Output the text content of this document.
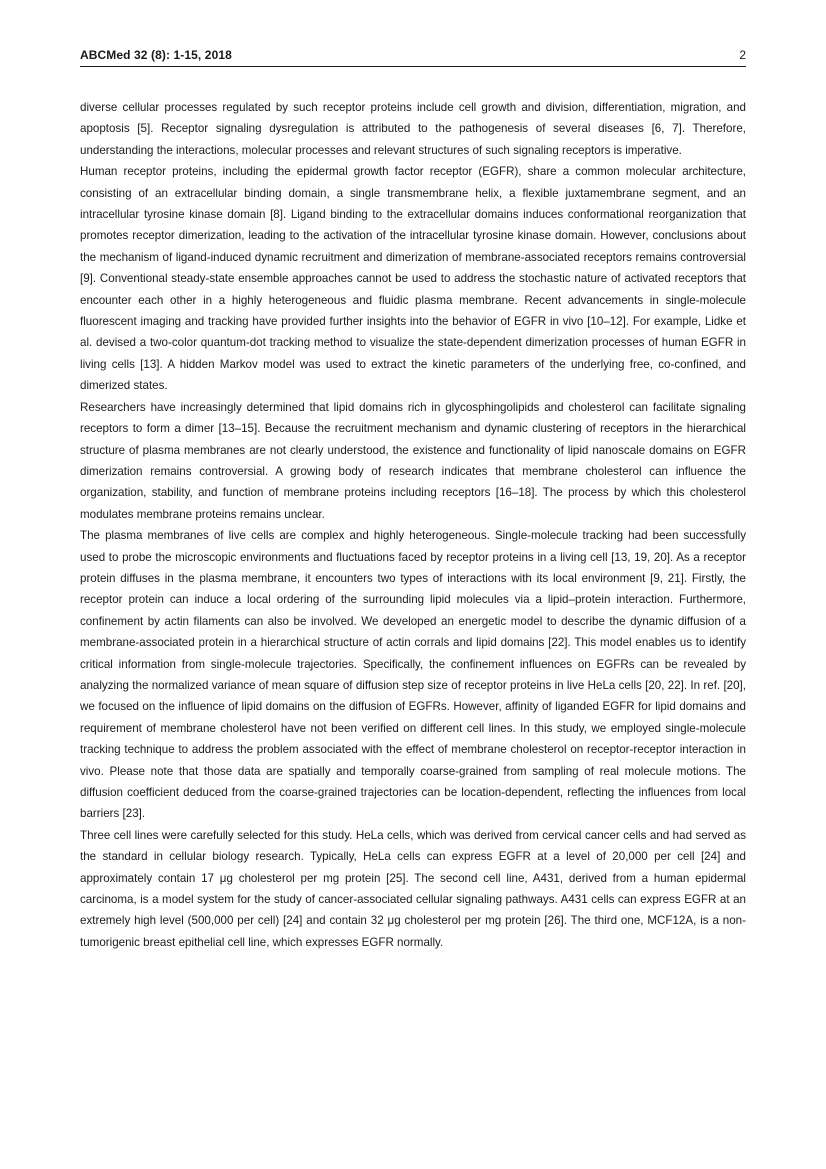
ABCMed 32 (8): 1-15, 2018	2

diverse cellular processes regulated by such receptor proteins include cell growth and division, differentiation, migration, and apoptosis [5]. Receptor signaling dysregulation is attributed to the pathogenesis of several diseases [6, 7]. Therefore, understanding the interactions, molecular processes and relevant structures of such signaling receptors is imperative.

Human receptor proteins, including the epidermal growth factor receptor (EGFR), share a common molecular architecture, consisting of an extracellular binding domain, a single transmembrane helix, a flexible juxtamembrane segment, and an intracellular tyrosine kinase domain [8]. Ligand binding to the extracellular domains induces conformational reorganization that promotes receptor dimerization, leading to the activation of the intracellular tyrosine kinase domain. However, conclusions about the mechanism of ligand-induced dynamic recruitment and dimerization of membrane-associated receptors remains controversial [9]. Conventional steady-state ensemble approaches cannot be used to address the stochastic nature of activated receptors that encounter each other in a highly heterogeneous and fluidic plasma membrane. Recent advancements in single-molecule fluorescent imaging and tracking have provided further insights into the behavior of EGFR in vivo [10–12]. For example, Lidke et al. devised a two-color quantum-dot tracking method to visualize the state-dependent dimerization processes of human EGFR in living cells [13]. A hidden Markov model was used to extract the kinetic parameters of the underlying free, co-confined, and dimerized states.

Researchers have increasingly determined that lipid domains rich in glycosphingolipids and cholesterol can facilitate signaling receptors to form a dimer [13–15]. Because the recruitment mechanism and dynamic clustering of receptors in the hierarchical structure of plasma membranes are not clearly understood, the existence and functionality of lipid nanoscale domains on EGFR dimerization remains controversial. A growing body of research indicates that membrane cholesterol can influence the organization, stability, and function of membrane proteins including receptors [16–18]. The process by which this cholesterol modulates membrane proteins remains unclear.

The plasma membranes of live cells are complex and highly heterogeneous. Single-molecule tracking had been successfully used to probe the microscopic environments and fluctuations faced by receptor proteins in a living cell [13, 19, 20]. As a receptor protein diffuses in the plasma membrane, it encounters two types of interactions with its local environment [9, 21]. Firstly, the receptor protein can induce a local ordering of the surrounding lipid molecules via a lipid–protein interaction. Furthermore, confinement by actin filaments can also be involved. We developed an energetic model to describe the dynamic diffusion of a membrane-associated protein in a hierarchical structure of actin corrals and lipid domains [22]. This model enables us to identify critical information from single-molecule trajectories. Specifically, the confinement influences on EGFRs can be revealed by analyzing the normalized variance of mean square of diffusion step size of receptor proteins in live HeLa cells [20, 22]. In ref. [20], we focused on the influence of lipid domains on the diffusion of EGFRs. However, affinity of liganded EGFR for lipid domains and requirement of membrane cholesterol have not been verified on different cell lines. In this study, we employed single-molecule tracking technique to address the problem associated with the effect of membrane cholesterol on receptor-receptor interaction in vivo. Please note that those data are spatially and temporally coarse-grained from sampling of real molecule motions. The diffusion coefficient deduced from the coarse-grained trajectories can be location-dependent, reflecting the influences from local barriers [23].

Three cell lines were carefully selected for this study. HeLa cells, which was derived from cervical cancer cells and had served as the standard in cellular biology research. Typically, HeLa cells can express EGFR at a level of 20,000 per cell [24] and approximately contain 17 μg cholesterol per mg protein [25]. The second cell line, A431, derived from a human epidermal carcinoma, is a model system for the study of cancer-associated cellular signaling pathways. A431 cells can express EGFR at an extremely high level (500,000 per cell) [24] and contain 32 μg cholesterol per mg protein [26]. The third one, MCF12A, is a non-tumorigenic breast epithelial cell line, which expresses EGFR normally.
